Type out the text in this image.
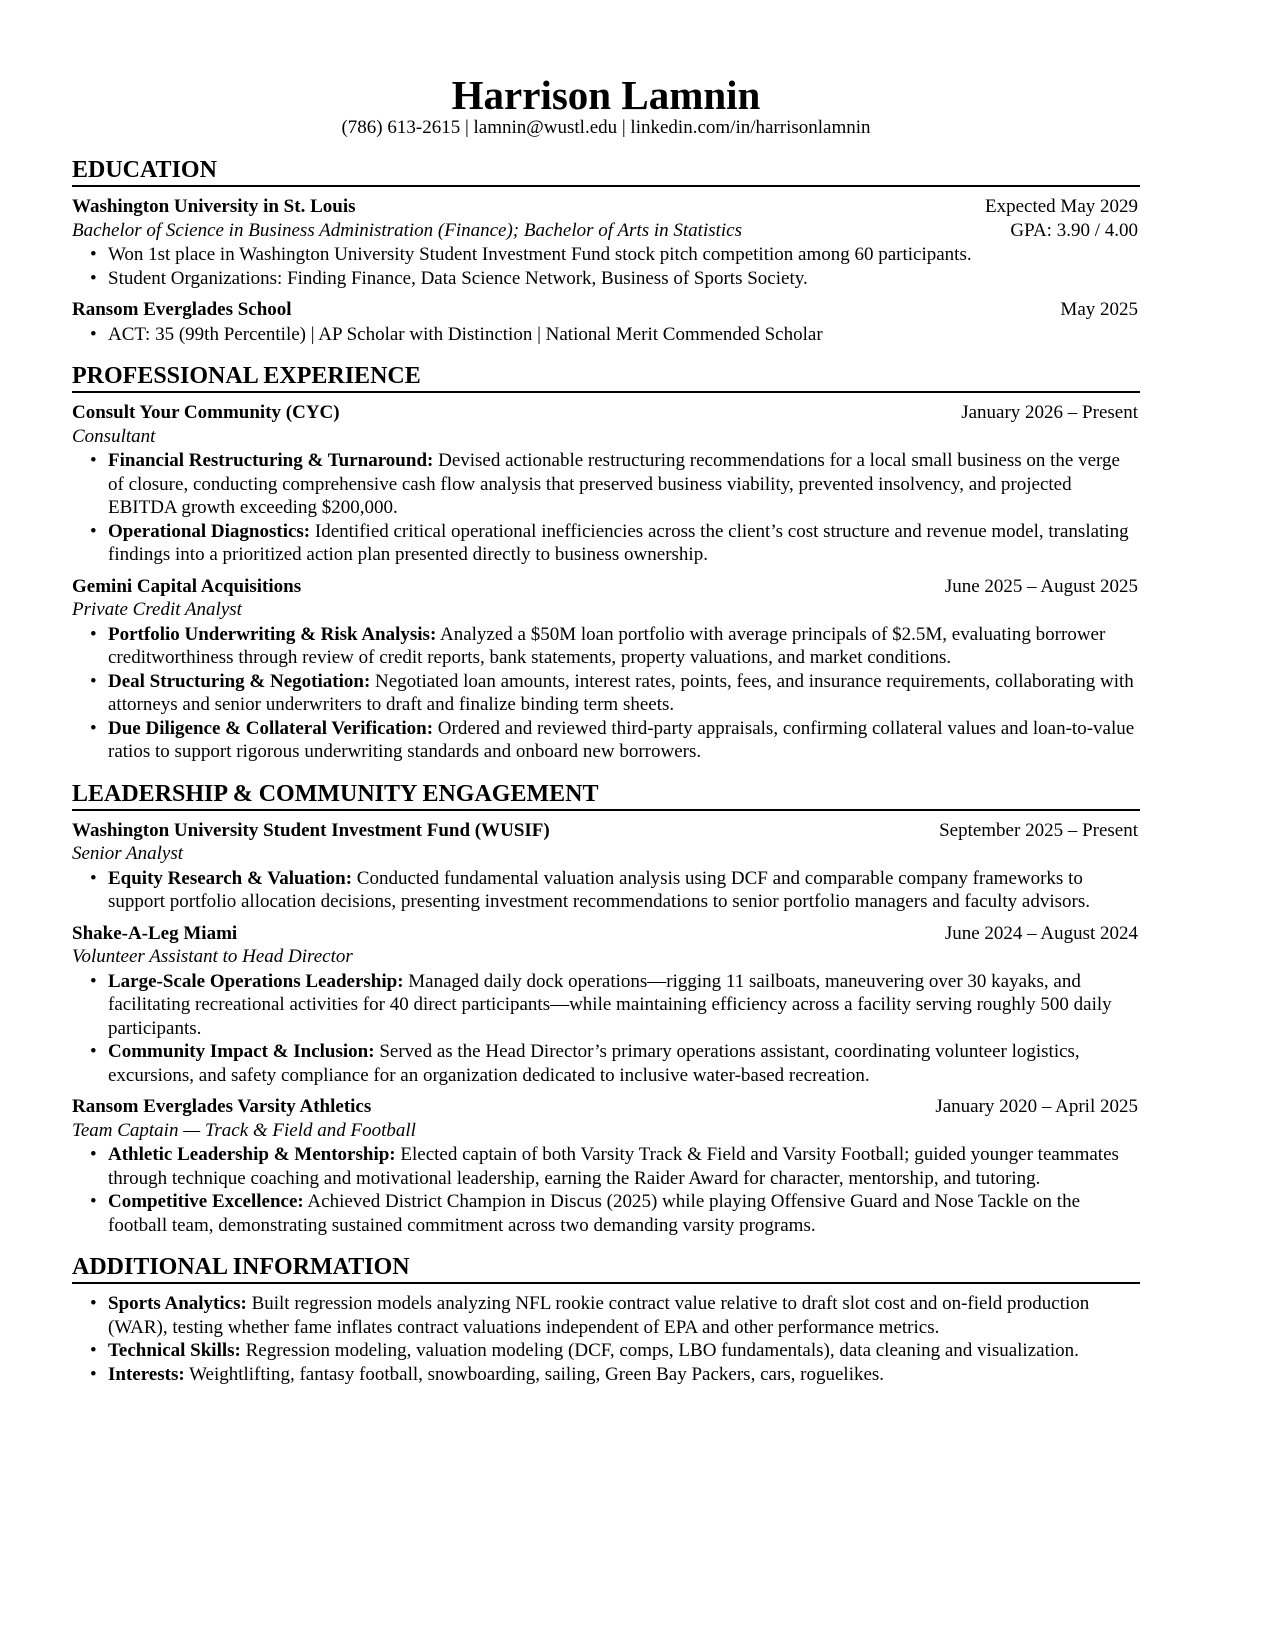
Harrison Lamnin
(786) 613-2615 | lamnin@wustl.edu | linkedin.com/in/harrisonlamnin
EDUCATION
Washington University in St. Louis	Expected May 2029
Bachelor of Science in Business Administration (Finance); Bachelor of Arts in Statistics	GPA: 3.90 / 4.00
• Won 1st place in Washington University Student Investment Fund stock pitch competition among 60 participants.
• Student Organizations: Finding Finance, Data Science Network, Business of Sports Society.
Ransom Everglades School	May 2025
• ACT: 35 (99th Percentile) | AP Scholar with Distinction | National Merit Commended Scholar
PROFESSIONAL EXPERIENCE
Consult Your Community (CYC)	January 2026 – Present
Consultant
• Financial Restructuring & Turnaround: Devised actionable restructuring recommendations for a local small business on the verge of closure, conducting comprehensive cash flow analysis that preserved business viability, prevented insolvency, and projected EBITDA growth exceeding $200,000.
• Operational Diagnostics: Identified critical operational inefficiencies across the client’s cost structure and revenue model, translating findings into a prioritized action plan presented directly to business ownership.
Gemini Capital Acquisitions	June 2025 – August 2025
Private Credit Analyst
• Portfolio Underwriting & Risk Analysis: Analyzed a $50M loan portfolio with average principals of $2.5M, evaluating borrower creditworthiness through review of credit reports, bank statements, property valuations, and market conditions.
• Deal Structuring & Negotiation: Negotiated loan amounts, interest rates, points, fees, and insurance requirements, collaborating with attorneys and senior underwriters to draft and finalize binding term sheets.
• Due Diligence & Collateral Verification: Ordered and reviewed third-party appraisals, confirming collateral values and loan-to-value ratios to support rigorous underwriting standards and onboard new borrowers.
LEADERSHIP & COMMUNITY ENGAGEMENT
Washington University Student Investment Fund (WUSIF)	September 2025 – Present
Senior Analyst
• Equity Research & Valuation: Conducted fundamental valuation analysis using DCF and comparable company frameworks to support portfolio allocation decisions, presenting investment recommendations to senior portfolio managers and faculty advisors.
Shake-A-Leg Miami	June 2024 – August 2024
Volunteer Assistant to Head Director
• Large-Scale Operations Leadership: Managed daily dock operations—rigging 11 sailboats, maneuvering over 30 kayaks, and facilitating recreational activities for 40 direct participants—while maintaining efficiency across a facility serving roughly 500 daily participants.
• Community Impact & Inclusion: Served as the Head Director’s primary operations assistant, coordinating volunteer logistics, excursions, and safety compliance for an organization dedicated to inclusive water-based recreation.
Ransom Everglades Varsity Athletics	January 2020 – April 2025
Team Captain — Track & Field and Football
• Athletic Leadership & Mentorship: Elected captain of both Varsity Track & Field and Varsity Football; guided younger teammates through technique coaching and motivational leadership, earning the Raider Award for character, mentorship, and tutoring.
• Competitive Excellence: Achieved District Champion in Discus (2025) while playing Offensive Guard and Nose Tackle on the football team, demonstrating sustained commitment across two demanding varsity programs.
ADDITIONAL INFORMATION
• Sports Analytics: Built regression models analyzing NFL rookie contract value relative to draft slot cost and on-field production (WAR), testing whether fame inflates contract valuations independent of EPA and other performance metrics.
• Technical Skills: Regression modeling, valuation modeling (DCF, comps, LBO fundamentals), data cleaning and visualization.
• Interests: Weightlifting, fantasy football, snowboarding, sailing, Green Bay Packers, cars, roguelikes.
